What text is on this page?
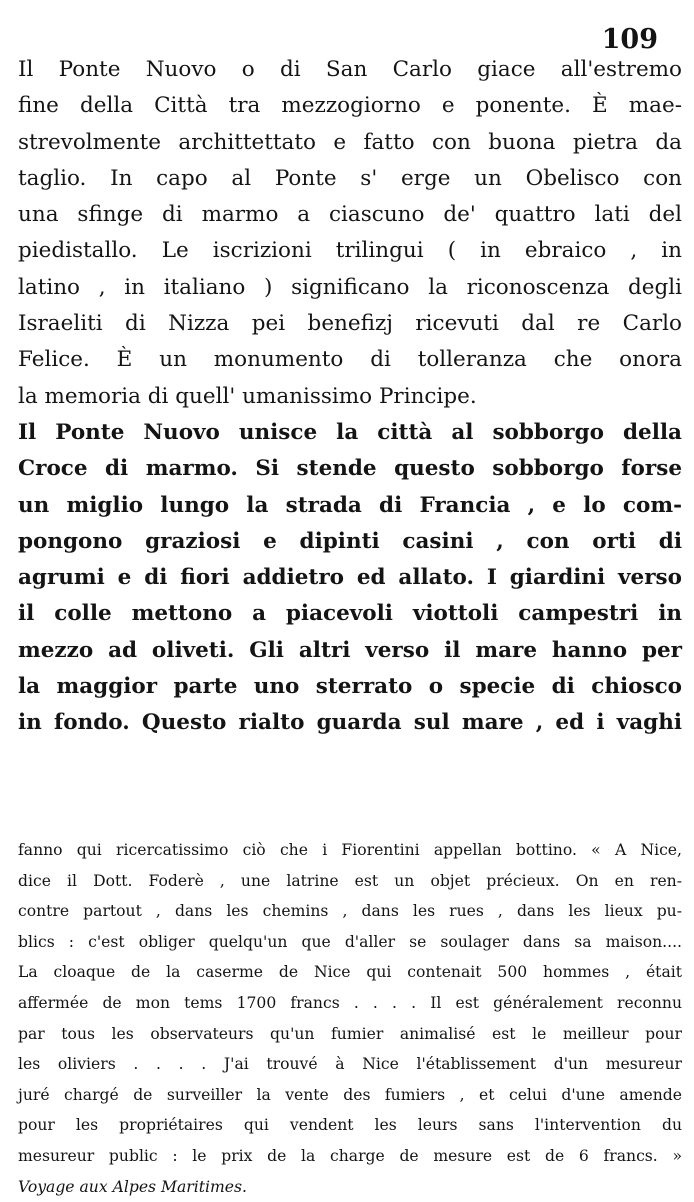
109
Il Ponte Nuovo o di San Carlo giace all'estremo
fine della Città tra mezzogiorno e ponente. È mae-
strevolmente archittettato e fatto con buona pietra da
taglio. In capo al Ponte s' erge un Obelisco con
una sfinge di marmo a ciascuno de' quattro lati del
piedistallo. Le iscrizioni trilingui ( in ebraico , in
latino , in italiano ) significano la riconoscenza degli
Israeliti di Nizza pei benefizj ricevuti dal re Carlo
Felice. È un monumento di tolleranza che onora
la memoria di quell' umanissimo Principe.
Il Ponte Nuovo unisce la città al sobborgo della
Croce di marmo. Si stende questo sobborgo forse
un miglio lungo la strada di Francia , e lo com-
pongono graziosi e dipinti casini , con orti di
agrumi e di fiori addietro ed allato. I giardini verso
il colle mettono a piacevoli viottoli campestri in
mezzo ad oliveti. Gli altri verso il mare hanno per
la maggior parte uno sterrato o specie di chiosco
in fondo. Questo rialto guarda sul mare , ed i vaghi
fanno qui ricercatissimo ciò che i Fiorentini appellan bottino. « A Nice,
dice il Dott. Foderè , une latrine est un objet précieux. On en ren-
contre partout , dans les chemins , dans les rues , dans les lieux pu-
blics : c'est obliger quelqu'un que d'aller se soulager dans sa maison....
La cloaque de la caserme de Nice qui contenait 500 hommes , était
affermée de mon tems 1700 francs . . . . Il est généralement reconnu
par tous les observateurs qu'un fumier animalisé est le meilleur pour
les oliviers . . . . J'ai trouvé à Nice l'établissement d'un mesureur
juré chargé de surveiller la vente des fumiers , et celui d'une amende
pour les propriétaires qui vendent les leurs sans l'intervention du
mesureur public : le prix de la charge de mesure est de 6 francs. »
Voyage aux Alpes Maritimes.
